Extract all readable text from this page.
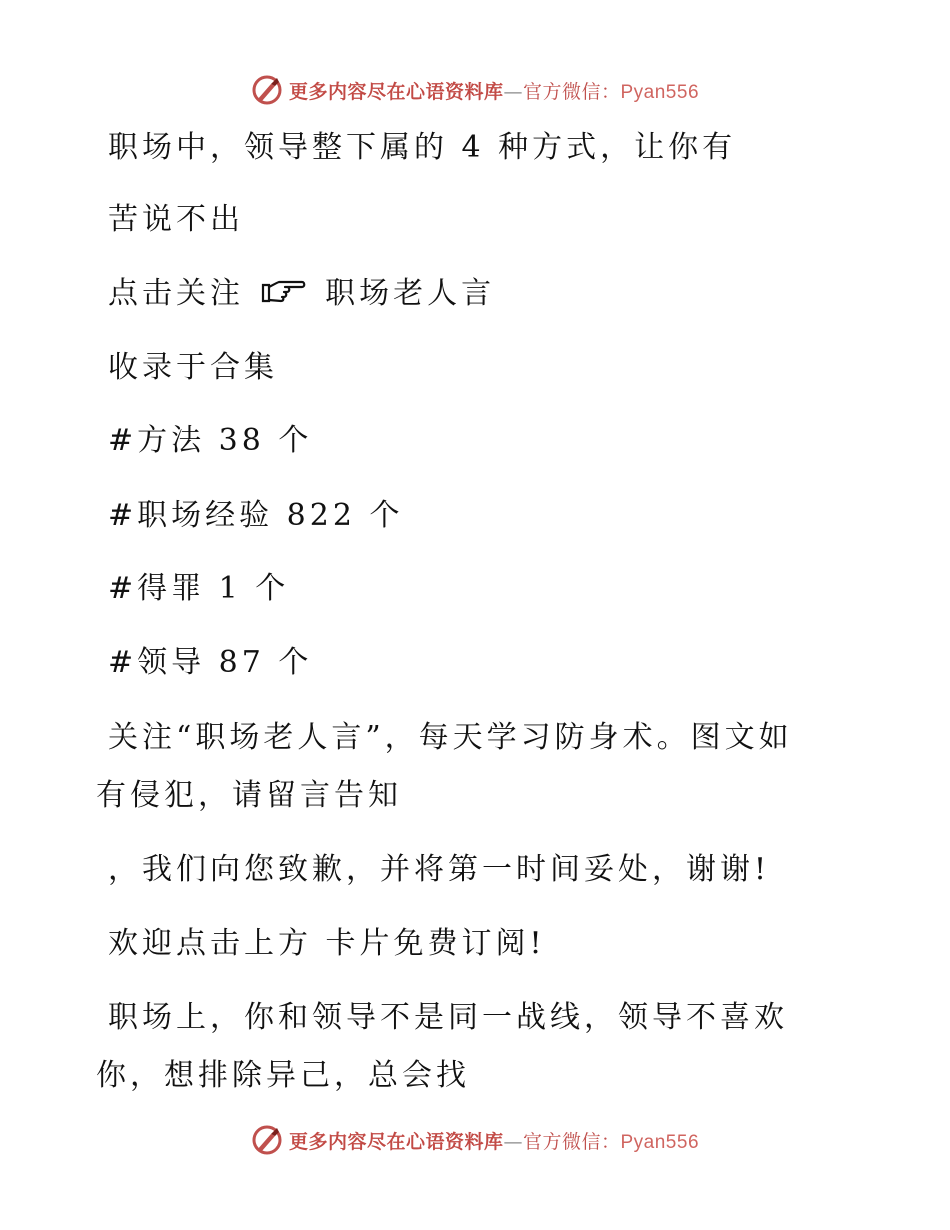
更多内容尽在心语资料库—官方微信：Pyan556
职场中，领导整下属的 4 种方式，让你有
苦说不出
点击关注	职场老人言
收录于合集
#方法 38 个
#职场经验 822 个
#得罪 1 个
#领导 87 个
关注“职场老人言”，每天学习防身术。图文如
有侵犯，请留言告知
，我们向您致歉，并将第一时间妥处，谢谢!
欢迎点击上方 卡片免费订阅!
职场上，你和领导不是同一战线，领导不喜欢
你，想排除异己，总会找
更多内容尽在心语资料库—官方微信：Pyan556
